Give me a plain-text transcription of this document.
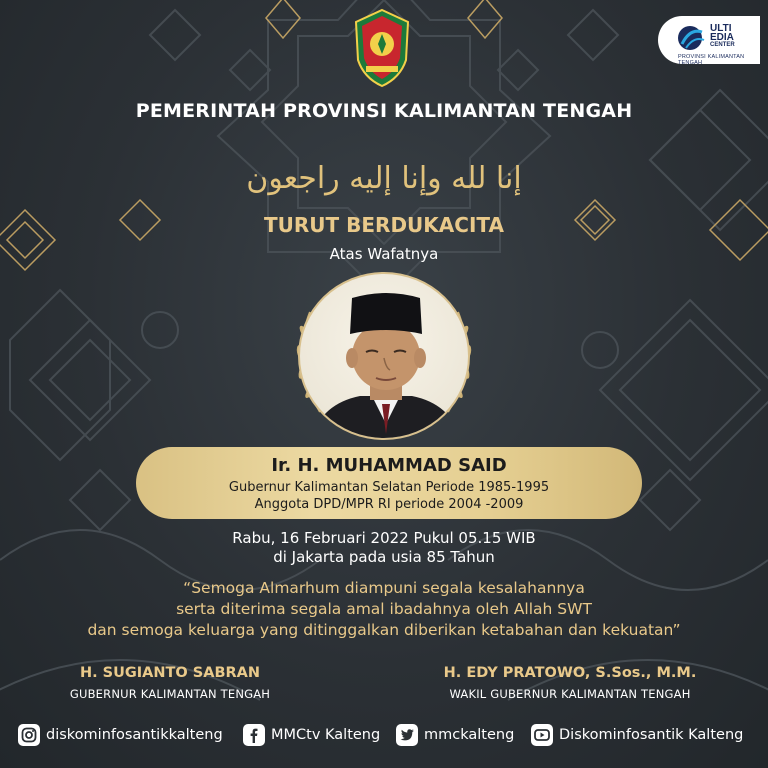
ULTI
EDIA
CENTER
PROVINSI KALIMANTAN TENGAH
PEMERINTAH PROVINSI KALIMANTAN TENGAH
إنا لله وإنا إليه راجعون
TURUT BERDUKACITA
Atas Wafatnya
Ir. H. MUHAMMAD SAID
Gubernur Kalimantan Selatan Periode 1985-1995
Anggota DPD/MPR RI periode 2004 -2009
Rabu, 16 Februari 2022 Pukul 05.15 WIB
di Jakarta pada usia 85 Tahun
“Semoga Almarhum diampuni segala kesalahannya
serta diterima segala amal ibadahnya oleh Allah SWT
dan semoga keluarga yang ditinggalkan diberikan ketabahan dan kekuatan”
H. SUGIANTO SABRAN
GUBERNUR KALIMANTAN TENGAH
H. EDY PRATOWO, S.Sos., M.M.
WAKIL GUBERNUR KALIMANTAN TENGAH
diskominfosantikkalteng	MMCtv Kalteng	mmckalteng	Diskominfosantik Kalteng
